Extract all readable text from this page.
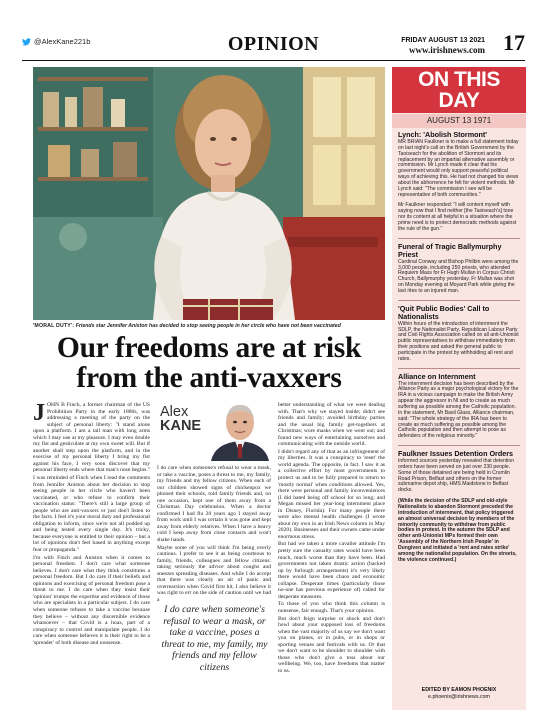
@AlexKane221b	OPINION	FRIDAY AUGUST 13 2021
www.irishnews.com 17
'MORAL DUTY': Friends star Jennifer Aniston has decided to stop seeing people in her circle who have not been vaccinated
Our freedoms are at risk from the anti-vaxxers

JOHN B Finch, a former chairman of the US Prohibition Party in the early 1880s, was addressing a meeting of the party on the subject of personal liberty: "I stand alone upon a platform. I am a tall man with long arms which I may use at my pleasure. I may even double my fist and gesticulate at my own sweet will. But if another shall step upon the platform, and in the exercise of my personal liberty I bring my fist against his face, I very soon discover that my personal liberty ends where that man's nose begins."

I was reminded of Finch when I read the comments from Jennifer Aniston about her decision to stop seeing people in her circle who haven't been vaccinated, or who refuse to confirm their vaccination status: "There's still a large group of people who are anti-vaxxers or just don't listen to the facts. I feel it's your moral duty and professional obligation to inform, since we're not all podded up and being tested every single day. It's tricky, because everyone is entitled to their opinion – but a lot of opinions don't feel based in anything except fear or propaganda."

I'm with Finch and Aniston when it comes to personal freedom. I don't care what someone believes. I don't care what they think constitutes a personal freedom. But I do care if their beliefs and opinions and exercising of personal freedom pose a threat to me. I do care when they insist their 'opinion' trumps the expertise and evidence of those who are specialists in a particular subject. I do care when someone refuses to take a vaccine because they believe – without any discernible evidence whatsoever – that Covid is a hoax, part of a conspiracy to control and manipulate people. I do care when someone believes it is their right to be a 'spreader' of both disease and nonsense.

Alex
KANE

I do care when someone's refusal to wear a mask, or take a vaccine, poses a threat to me, my family, my friends and my fellow citizens. When each of our children showed signs of chickenpox we phoned their schools, told family friends and, on one occasion, kept one of them away from a Christmas Day celebration. When a doctor confirmed I had flu 20 years ago I stayed away from work until I was certain it was gone and kept away from elderly relatives. When I have a heavy cold I keep away from close contacts and won't shake hands.

Maybe some of you will think I'm being overly cautious. I prefer to see it as being courteous to family, friends, colleagues and fellow citizens: taking seriously the advice about coughs and sneezes spreading diseases. And while I do accept that there was clearly an air of panic and overreaction when Covid first hit, I also believe it was right to err on the side of caution until we had a

I do care when someone's refusal to wear a mask, or take a vaccine, poses a threat to me, my family, my friends and my fellow citizens

better understanding of what we were dealing with. That's why we stayed inside; didn't see friends and family; avoided birthday parties and the usual big family get-togethers at Christmas; wore masks when we went out; and found new ways of entertaining ourselves and communicating with the outside world.

I didn't regard any of that as an infringement of my liberties. It was a conspiracy to 'reset' the world agenda. The opposite, in fact. I saw it as a collective effort by most governments to protect us and to be fully prepared to return to 'mostly normal' when conditions allowed. Yes, there were personal and family inconveniences (I did hated being off school for so long; and Megan missed her year-long internment place in Disney, Florida). For many people there were also mental health challenges (I wrote about my own in an Irish News column in May 2020). Businesses and their owners came under enormous stress.

But had we taken a more cavalier attitude I'm pretty sure the casualty rates would have been much, much worse than they have been. Had governments not taken drastic action (backed up by furlough arrangements) it's very likely there would have been chaos and economic collapse. Desperate times (particularly those no-one has previous experience of) called for desperate measures.

To those of you who think this column is nonsense, fair enough. That's your opinion.

But don't feign surprise or shock and don't howl about your supposed loss of freedoms when the vast majority of us say we don't want you on planes, or in pubs, or in shops or sporting venues and festivals with us. Or that we don't want to be shoulder to shoulder with those who don't give a toss about our wellbeing. We, too, have freedoms that matter to us.

ON THIS
DAY
AUGUST 13 1971
Lynch: 'Abolish Stormont'
MR BRIAN Faulkner is to make a full statement today on last night's call on the British Government by the Taoiseach for the abolition of Stormont and its replacement by an impartial alternative assembly or commission. Mr Lynch made it clear that his government would only support peaceful political ways of achieving this. He had not changed his views about the abhorrence he felt for violent methods. Mr Lynch said: "The commission I see will be representative of both communities."
Mr Faulkner responded: "I will content myself with saying now that I find neither [the Taoiseach's] tone nor its content at all helpful in a situation where the prime need is to protect democratic methods against the rule of the gun."
Funeral of Tragic Ballymurphy Priest
Cardinal Conway and Bishop Philbin were among the 3,000 people, including 250 priests, who attended Requiem Mass for Fr Hugh Mullan in Corpus Christi Church, Ballymurphy yesterday. Fr Mullan was shot on Monday evening at Moyard Park while giving the last rites to an injured man.
'Quit Public Bodies' Call to Nationalists
Within hours of the introduction of internment the SDLP, the Nationalist Party, Republican Labour Party and Civil Rights Association called on all anti-Unionist public representatives to withdraw immediately from their positions and asked the general public to participate in the protest by withholding all rent and rates.
Alliance on Internment
The internment decision has been described by the Alliance Party as a major psychological victory for the IRA in a vicious campaign to make the British Army appear the aggressor in NI and to create as much suffering as possible among the Catholic population. In the statement, Mr Basil Glass, Alliance chairman, said: "The whole strategy of the IRA has been to create as much suffering as possible among the Catholic population and then attempt to pose as defenders of the religious minority."
Faulkner Issues Detention Orders
Informed sources yesterday revealed that detention orders have been served on just over 230 people. Some of those detained are being held in Crumlin Road Prison, Belfast and others on the former submarine depot ship, HMS Maidstone in Belfast docks.
(While the decision of the SDLP and old-style Nationalists to abandon Stormont preceded the introduction of internment, that policy triggered an almost universal decision by members of the minority community to withdraw from public bodies in protest. In the autumn the SDLP and other anti-Unionist MPs formed their own 'Assembly of the Northern Irish People' in Dungiven and initiated a 'rent and rates strike' among the nationalist population. On the streets, the violence continued.)
EDITED BY EAMON PHOENIX
e.phoenix@irishnews.com
